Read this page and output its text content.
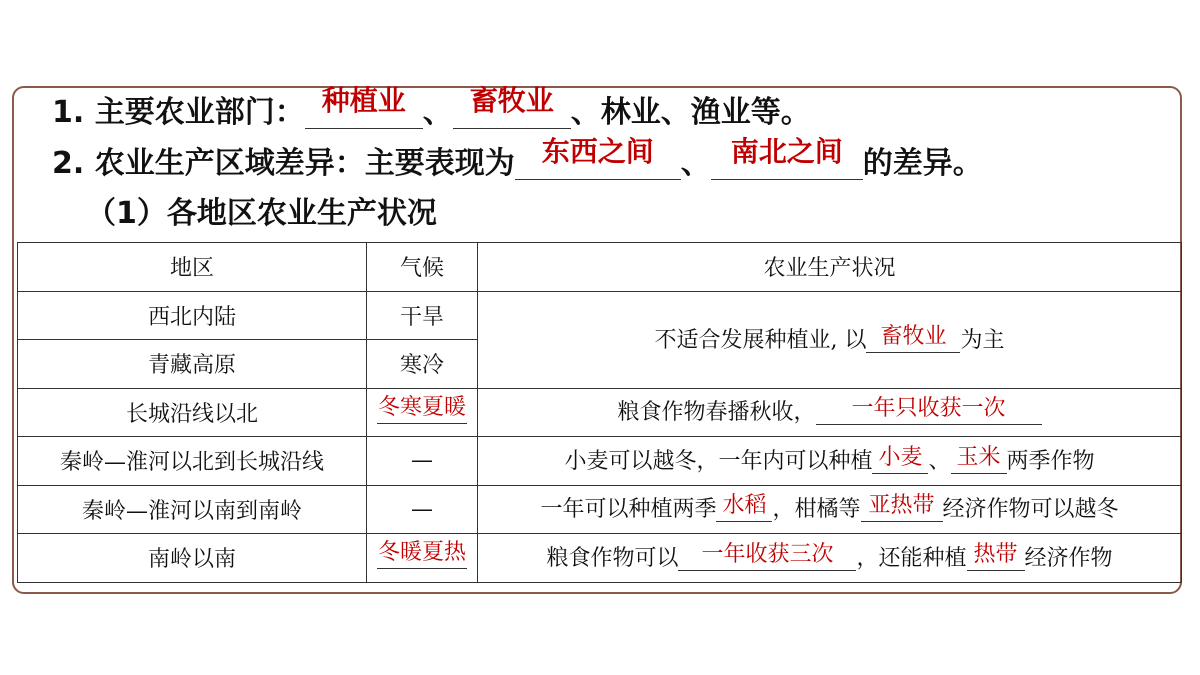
1. 主要农业部门： 种植业 、 畜牧业 、林业、渔业等。
2. 农业生产区域差异：主要表现为 东西之间 、 南北之间 的差异。
（1）各地区农业生产状况
地区	气候	农业生产状况
西北内陆	干旱	不适合发展种植业, 以 畜牧业 为主
青藏高原	寒冷	
长城沿线以北	冬寒夏暖	粮食作物春播秋收， 一年只收获一次
秦岭—淮河以北到长城沿线	—	小麦可以越冬，一年内可以种植 小麦 、 玉米 两季作物
秦岭—淮河以南到南岭	—	一年可以种植两季 水稻 ，柑橘等 亚热带 经济作物可以越冬
南岭以南	冬暖夏热	粮食作物可以 一年收获三次 ，还能种植 热带 经济作物
